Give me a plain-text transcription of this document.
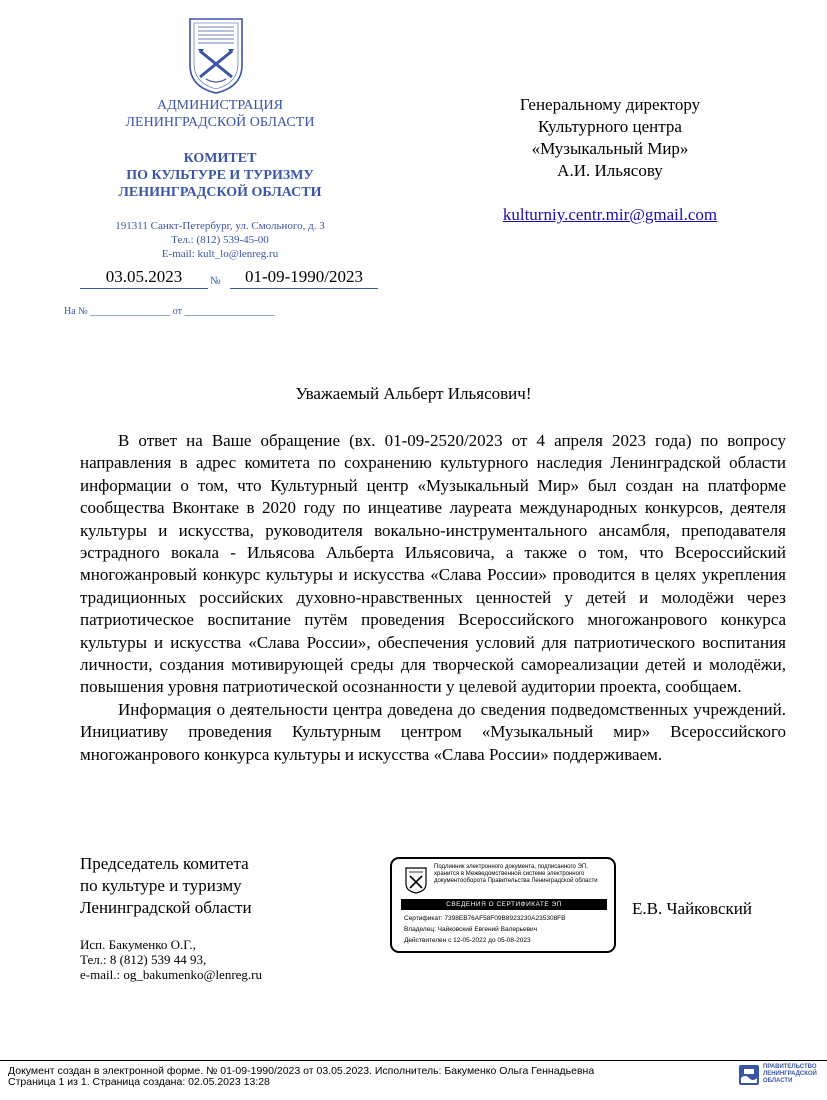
АДМИНИСТРАЦИЯ
ЛЕНИНГРАДСКОЙ ОБЛАСТИ
КОМИТЕТ
ПО КУЛЬТУРЕ И ТУРИЗМУ
ЛЕНИНГРАДСКОЙ ОБЛАСТИ
191311 Санкт-Петербург, ул. Смольного, д. 3
Тел.: (812) 539-45-00
E-mail: kult_lo@lenreg.ru
03.05.2023	№	01-09-1990/2023
На № ________________ от __________________
Генеральному директору
Культурного центра
«Музыкальный Мир»
А.И. Ильясову
kulturniy.centr.mir@gmail.com
Уважаемый Альберт Ильясович!

В ответ на Ваше обращение (вх. 01-09-2520/2023 от 4 апреля 2023 года) по вопросу направления в адрес комитета по сохранению культурного наследия Ленинградской области информации о том, что Культурный центр «Музыкальный Мир» был создан на платформе сообщества Вконтаке в 2020 году по инцеативе лауреата международных конкурсов, деятеля культуры и искусства, руководителя вокально-инструментального ансамбля, преподавателя эстрадного вокала - Ильясова Альберта Ильясовича, а также о том, что Всероссийский многожанровый конкурс культуры и искусства «Слава России» проводится в целях укрепления традиционных российских духовно-нравственных ценностей у детей и молодёжи через патриотическое воспитание путём проведения Всероссийского многожанрового конкурса культуры и искусства «Слава России», обеспечения условий для патриотического воспитания личности, создания мотивирующей среды для творческой самореализации детей и молодёжи, повышения уровня патриотической осознанности у целевой аудитории проекта, сообщаем.

Информация о деятельности центра доведена до сведения подведомственных учреждений. Инициативу проведения Культурным центром «Музыкальный мир» Всероссийского многожанрового конкурса культуры и искусства «Слава России» поддерживаем.

Председатель комитета
по культуре и туризму
Ленинградской области	Е.В. Чайковский
Подлинник электронного документа, подписанного ЭП, хранится в Межведомственной системе электронного документооборота Правительства Ленинградской области
СВЕДЕНИЯ О СЕРТИФИКАТЕ ЭП
Сертификат: 7398EB76AF58F09B8923230A235308FB
Владелец: Чайковский Евгений Валерьевич
Действителен с 12-05-2022 до 05-08-2023
Исп. Бакуменко О.Г.,
Тел.: 8 (812) 539 44 93,
e-mail.: og_bakumenko@lenreg.ru
Документ создан в электронной форме. № 01-09-1990/2023 от 03.05.2023. Исполнитель: Бакуменко Ольга Геннадьевна
Страница 1 из 1. Страница создана: 02.05.2023 13:28
ПРАВИТЕЛЬСТВО
ЛЕНИНГРАДСКОЙ
ОБЛАСТИ
